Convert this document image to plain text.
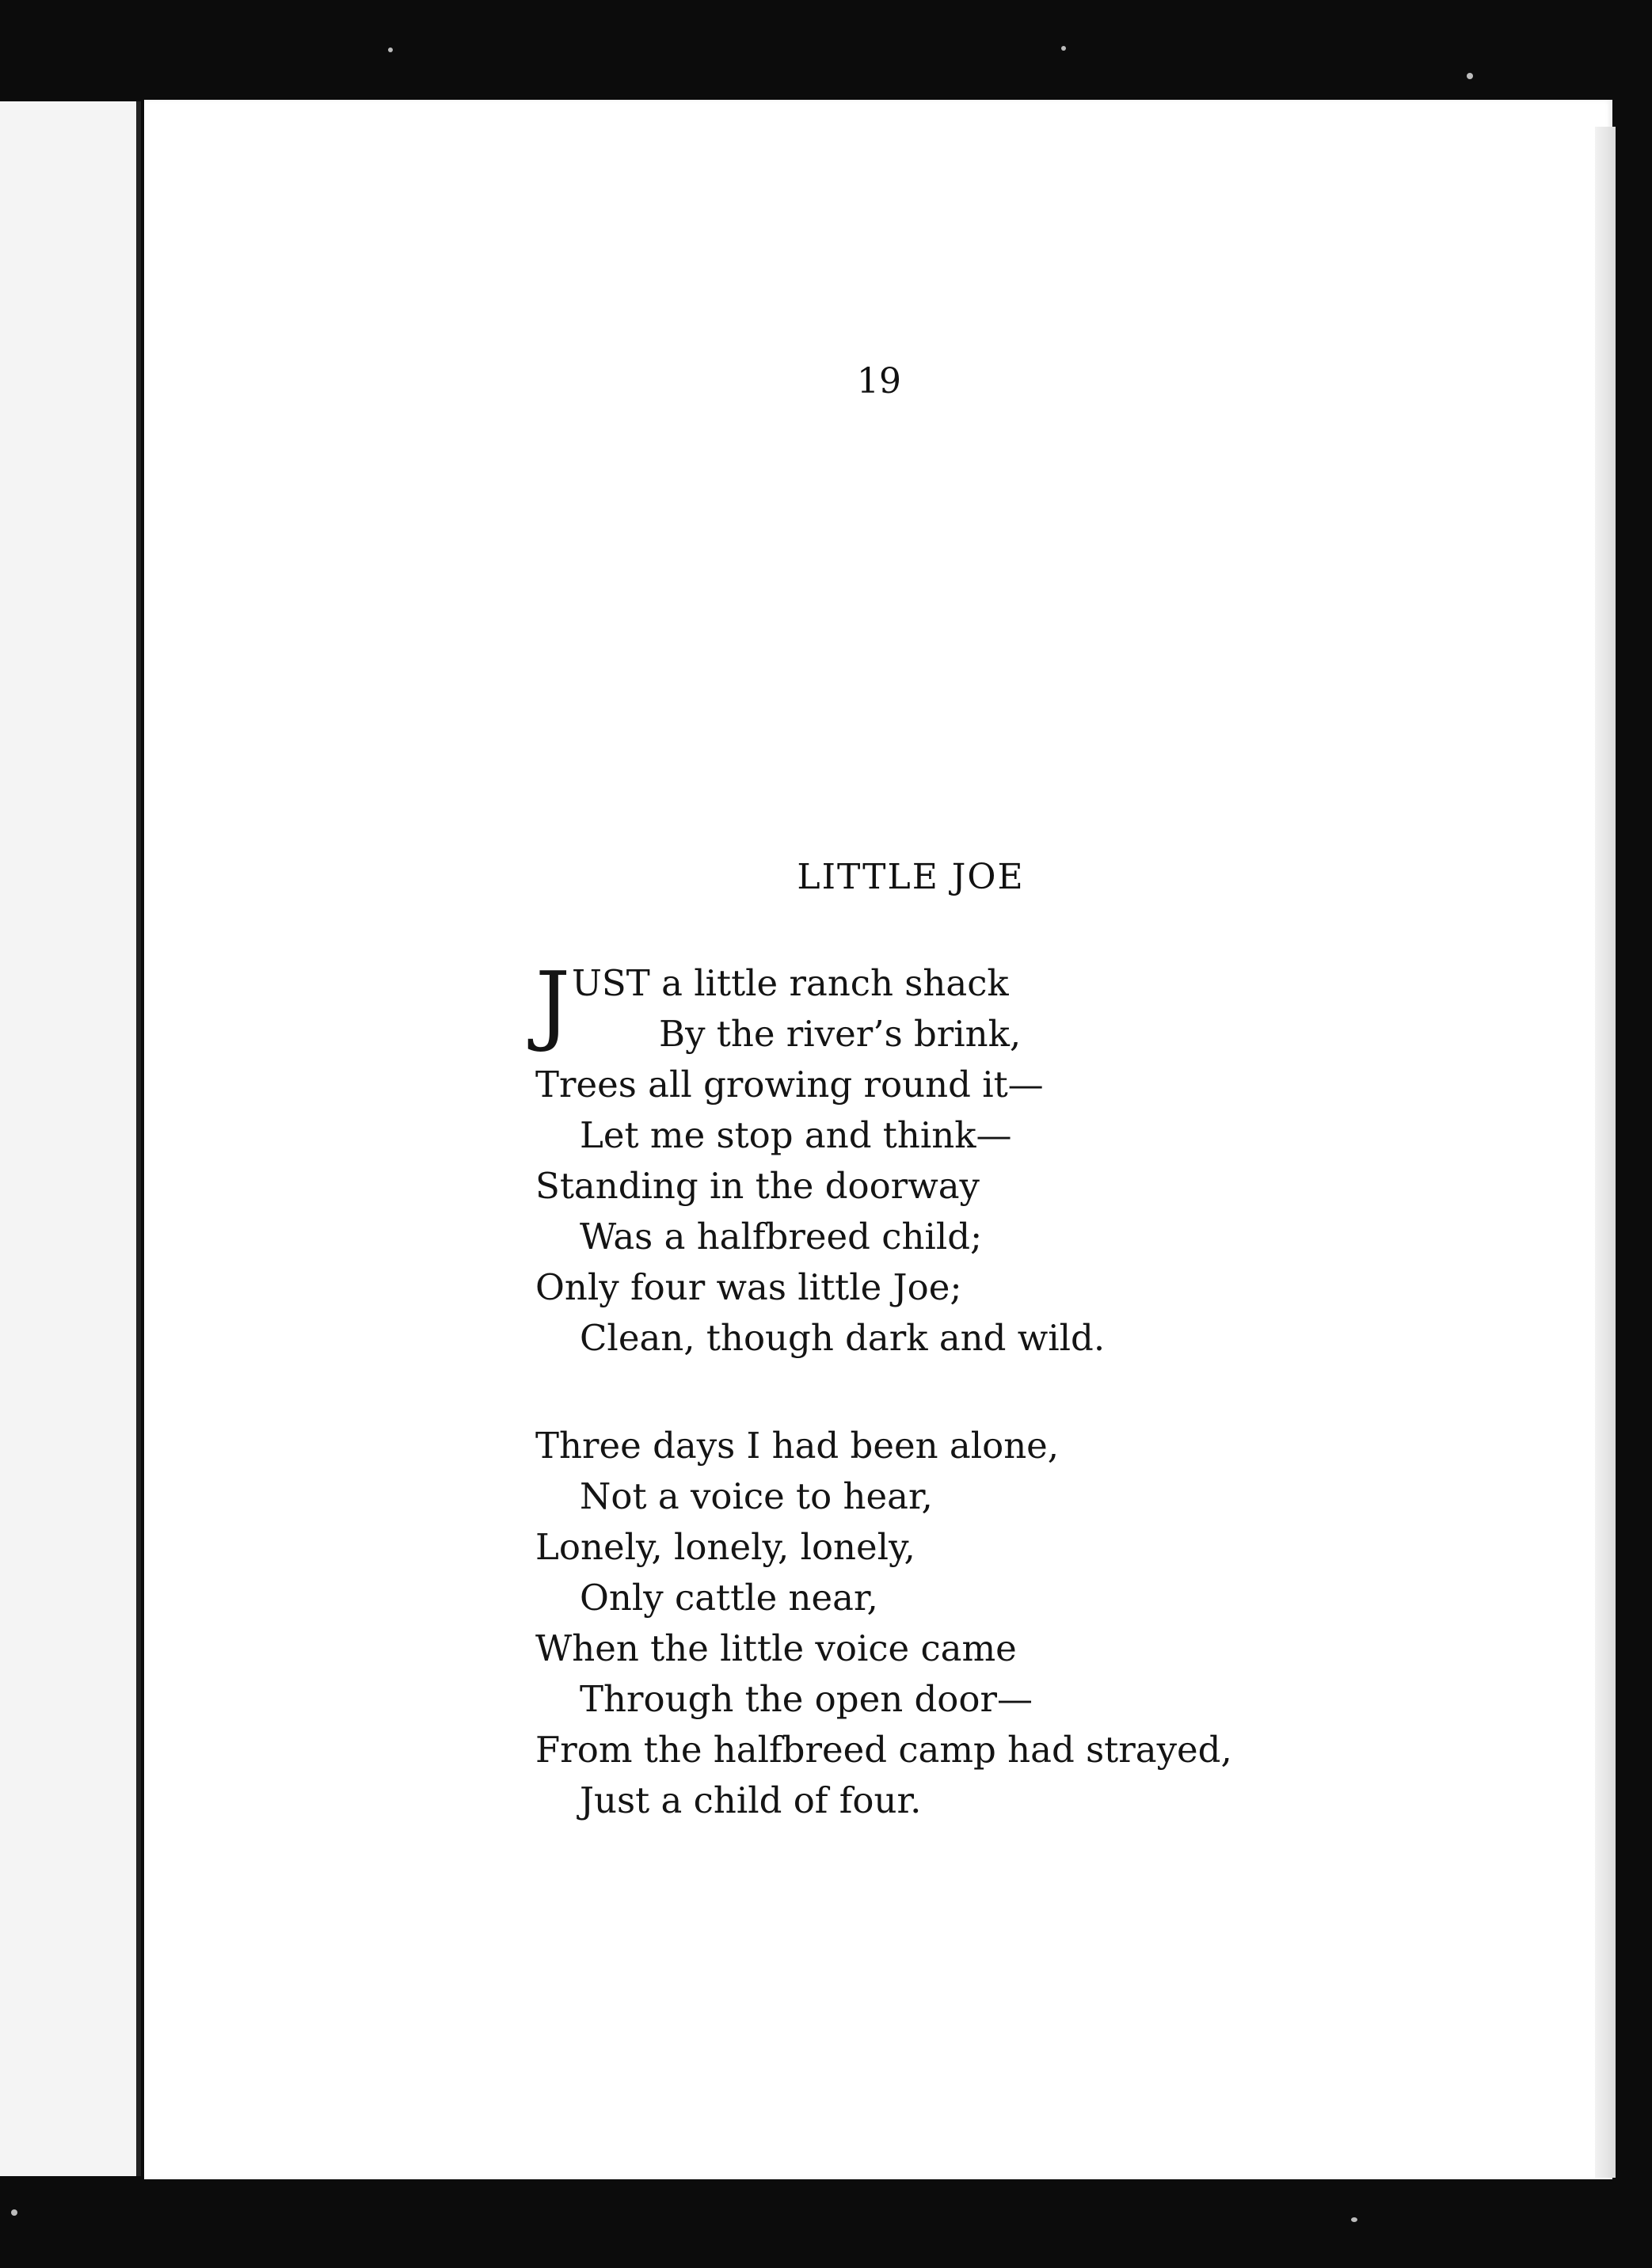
19
LITTLE JOE
J UST a little ranch shack
By the river’s brink,
Trees all growing round it—
Let me stop and think—
Standing in the doorway
Was a halfbreed child;
Only four was little Joe;
Clean, though dark and wild.
Three days I had been alone,
Not a voice to hear,
Lonely, lonely, lonely,
Only cattle near,
When the little voice came
Through the open door—
From the halfbreed camp had strayed,
Just a child of four.
